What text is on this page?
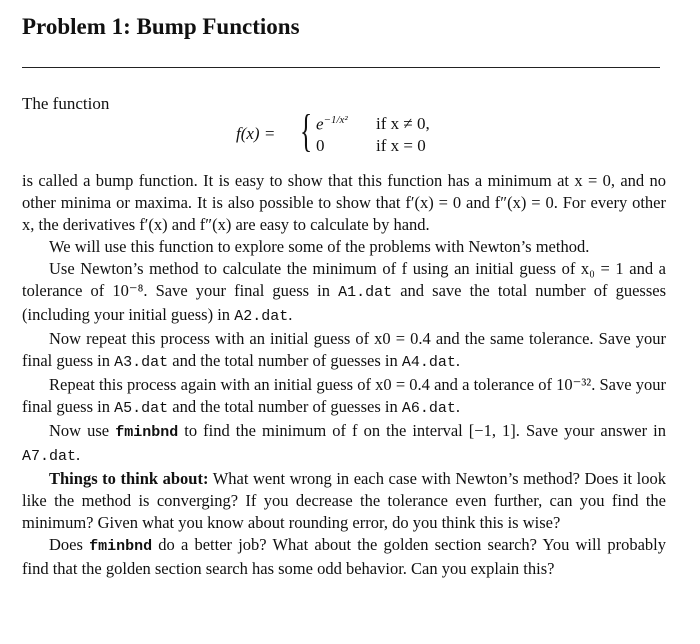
Problem 1: Bump Functions
The function
f(x) = { $e^{-1/x^2}$ if x ≠ 0,
0	if x = 0

is called a bump function. It is easy to show that this function has a minimum at x = 0, and no other minima or maxima. It is also possible to show that f′(x) = 0 and f″(x) = 0. For every other x, the derivatives f′(x) and f″(x) are easy to calculate by hand.

We will use this function to explore some of the problems with Newton’s method.

Use Newton’s method to calculate the minimum of f using an initial guess of x₀ = 1 and a tolerance of 10⁻⁸. Save your final guess in A1.dat and save the total number of guesses (including your initial guess) in A2.dat.

Now repeat this process with an initial guess of x0 = 0.4 and the same tolerance. Save your final guess in A3.dat and the total number of guesses in A4.dat.

Repeat this process again with an initial guess of x0 = 0.4 and a tolerance of 10⁻³². Save your final guess in A5.dat and the total number of guesses in A6.dat.

Now use fminbnd to find the minimum of f on the interval [−1, 1]. Save your answer in A7.dat.

Things to think about: What went wrong in each case with Newton’s method? Does it look like the method is converging? If you decrease the tolerance even further, can you find the minimum? Given what you know about rounding error, do you think this is wise?

Does fminbnd do a better job? What about the golden section search? You will probably find that the golden section search has some odd behavior. Can you explain this?
